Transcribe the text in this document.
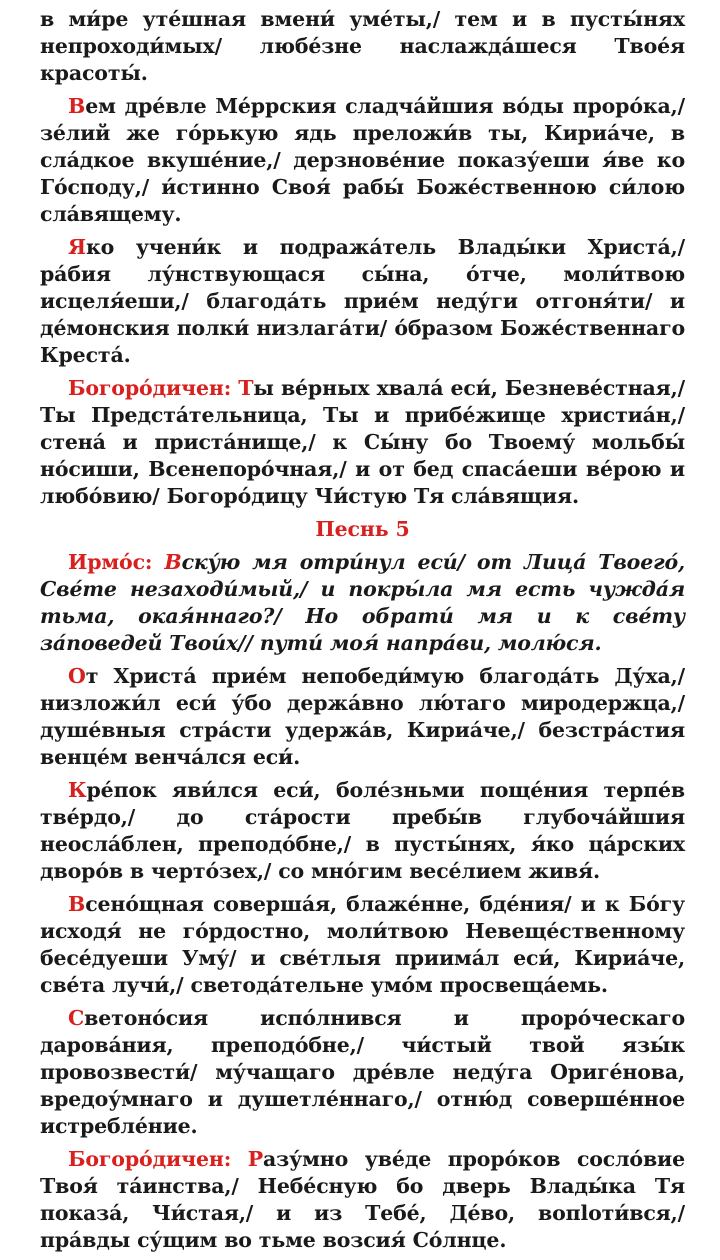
в ми́ре уте́шная вмени́ уме́ты,/ тем и в пусты́нях непроходи́мых/ любе́зне наслажда́шеся Твое́я красоты́.

Вем дре́вле Ме́ррския сладча́йшия во́ды проро́ка,/ зе́лий же го́рькую ядь преложи́в ты, Кириа́че, в сла́дкое вкуше́ние,/ дерзнове́ние показу́еши я́ве ко Го́споду,/ и́стинно Своя́ рабы́ Боже́ственною си́лою сла́вящему.

Яко учени́к и подража́тель Влады́ки Христа́,/ ра́бия лу́нствующася сы́на, о́тче, моли́твою исцеля́еши,/ благода́ть прие́м неду́ги отгоня́ти/ и де́монския полки́ низлага́ти/ о́бразом Боже́ственнаго Креста́.

Богоро́дичен: Ты ве́рных хвала́ еси́, Безневе́стная,/ Ты Предста́тельница, Ты и прибе́жище христиа́н,/ стена́ и приста́нище,/ к Сы́ну бо Твоему́ мольбы́ но́сиши, Всенепоро́чная,/ и от бед спаса́еши ве́рою и любо́вию/ Богоро́дицу Чи́стую Тя сла́вящия.

Песнь 5

Ирмо́с: Вску́ю мя отри́нул еси́/ от Лица́ Твоего́, Све́те незаходи́мый,/ и покры́ла мя есть чужда́я тьма, окая́ннаго?/ Но обрати́ мя и к све́ту за́поведей Твои́х// пути́ моя́ напра́ви, молю́ся.

От Христа́ прие́м непобеди́мую благода́ть Ду́ха,/ низложи́л еси́ у́бо держа́вно лю́таго миродержца,/ душе́вныя стра́сти удержа́в, Кириа́че,/ безстра́стия венце́м венча́лся еси́.

Кре́пок яви́лся еси́, боле́зньми поще́ния терпе́в тве́рдо,/ до ста́рости пребы́в глубоча́йшия неосла́блен, преподо́бне,/ в пусты́нях, я́ко ца́рских дворо́в в черто́зех,/ со мно́гим весе́лием живя́.

Всено́щная соверша́я, блаже́нне, бде́ния/ и к Бо́гу исходя́ не го́рдостно, моли́твою Невеще́ственному бесе́дуеши Уму́/ и све́тлыя приима́л еси́, Кириа́че, све́та лучи́,/ светода́тельне умо́м просвеща́емь.

Светоно́сия испо́лнився и проро́ческаго дарова́ния, преподо́бне,/ чи́стый твой язы́к провозвести́/ му́чащаго дре́вле неду́га Ориге́нова, вредоу́мнаго и душетле́ннаго,/ отню́д соверше́нное истребле́ние.

Богоро́дичен: Разу́мно уве́де проро́ков сосло́вие Твоя́ та́инства,/ Небе́сную бо дверь Влады́ка Тя показа́, Чи́стая,/ и из Тебе́, Де́во, вопloти́вся,/ пра́вды су́щим во тьме возсия́ Со́лнце.
